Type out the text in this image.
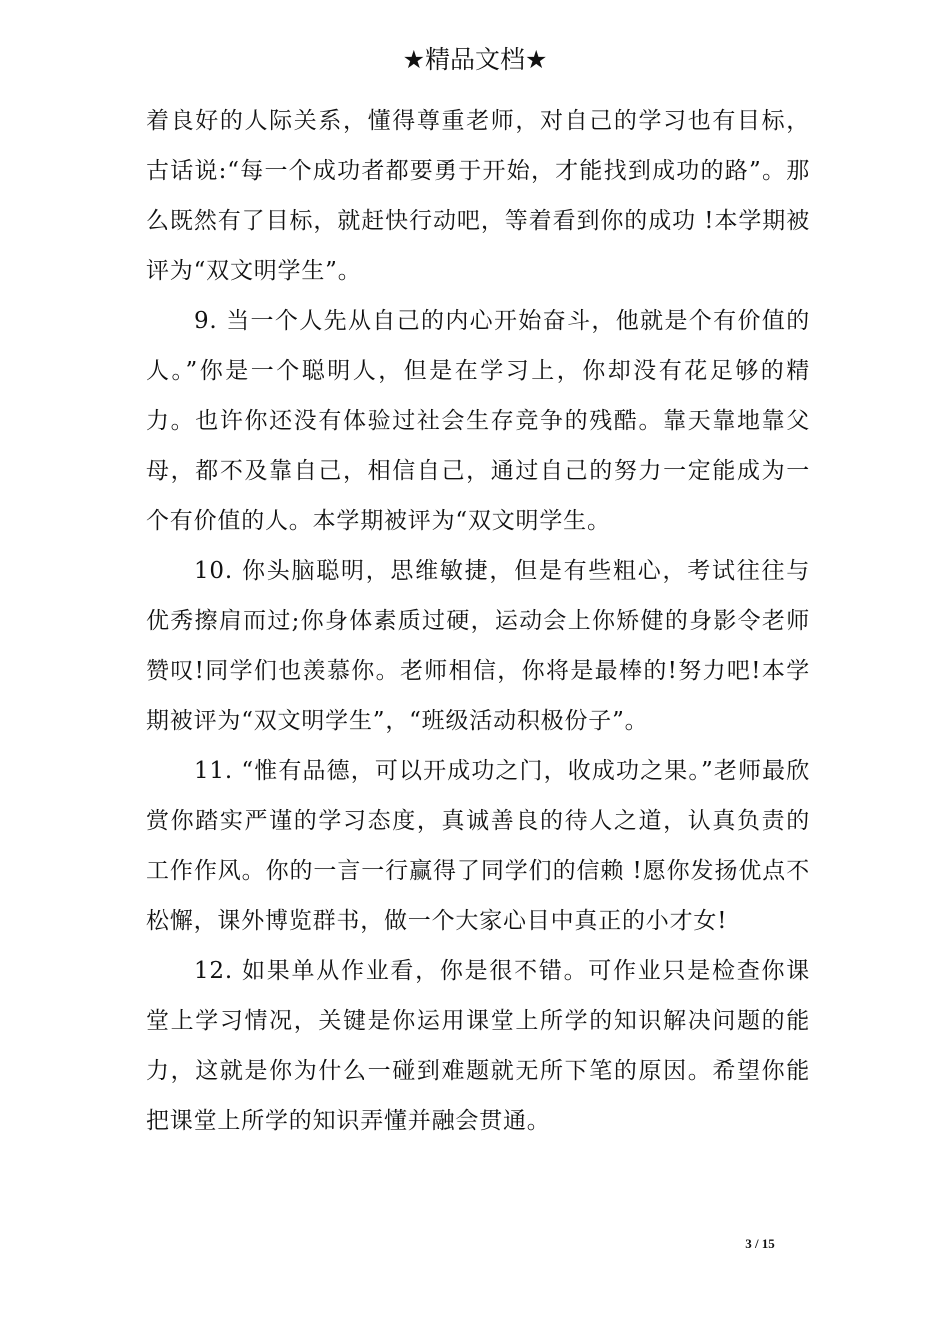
★精品文档★

着良好的人际关系，懂得尊重老师，对自己的学习也有目标，古话说:“每一个成功者都要勇于开始，才能找到成功的路”。那么既然有了目标，就赶快行动吧，等着看到你的成功 !本学期被评为“双文明学生”。

9. 当一个人先从自己的内心开始奋斗，他就是个有价值的人。”你是一个聪明人，但是在学习上，你却没有花足够的精力。也许你还没有体验过社会生存竞争的残酷。靠天靠地靠父母，都不及靠自己，相信自己，通过自己的努力一定能成为一个有价值的人。本学期被评为“双文明学生。

10. 你头脑聪明，思维敏捷，但是有些粗心，考试往往与优秀擦肩而过;你身体素质过硬，运动会上你矫健的身影令老师赞叹!同学们也羡慕你。老师相信，你将是最棒的!努力吧!本学期被评为“双文明学生”，“班级活动积极份子”。

11. “惟有品德，可以开成功之门，收成功之果。”老师最欣赏你踏实严谨的学习态度，真诚善良的待人之道，认真负责的工作作风。你的一言一行赢得了同学们的信赖 !愿你发扬优点不松懈，课外博览群书，做一个大家心目中真正的小才女!

12. 如果单从作业看，你是很不错。可作业只是检查你课堂上学习情况，关键是你运用课堂上所学的知识解决问题的能力，这就是你为什么一碰到难题就无所下笔的原因。希望你能把课堂上所学的知识弄懂并融会贯通。

3 / 15
